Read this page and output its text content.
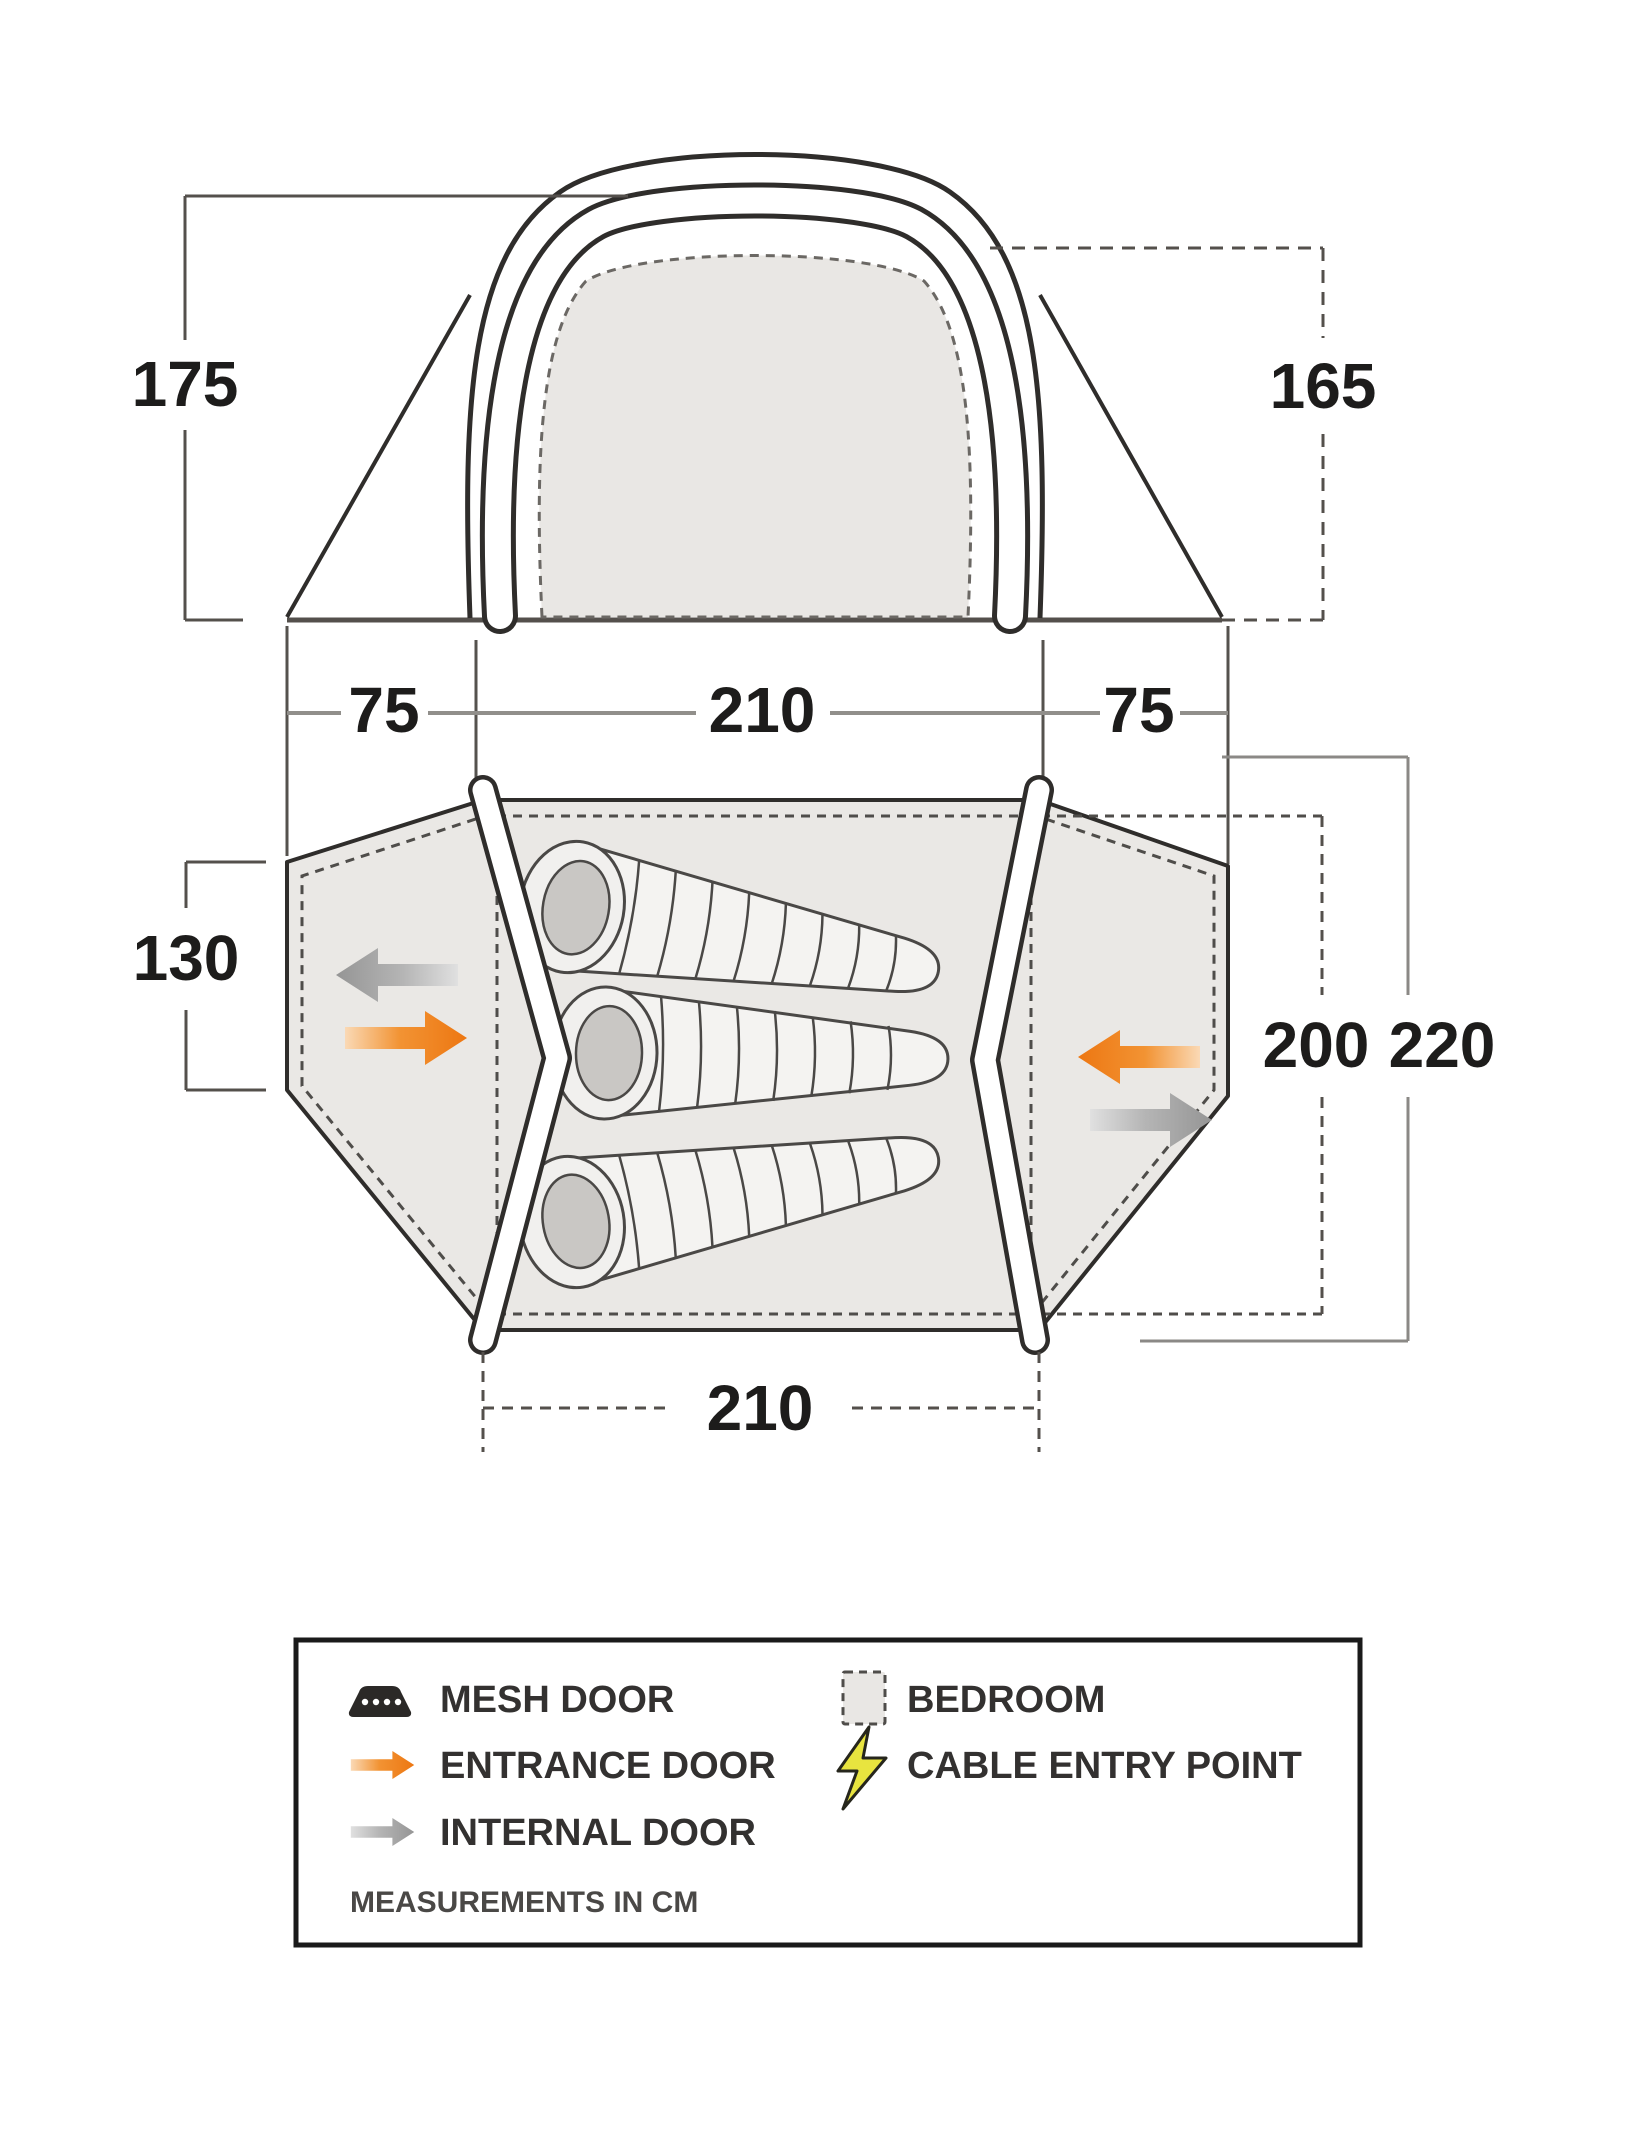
175	165
75	210	75
130
200 220
210
MESH DOOR
ENTRANCE DOOR
INTERNAL DOOR
BEDROOM
CABLE ENTRY POINT
MEASUREMENTS IN CM
